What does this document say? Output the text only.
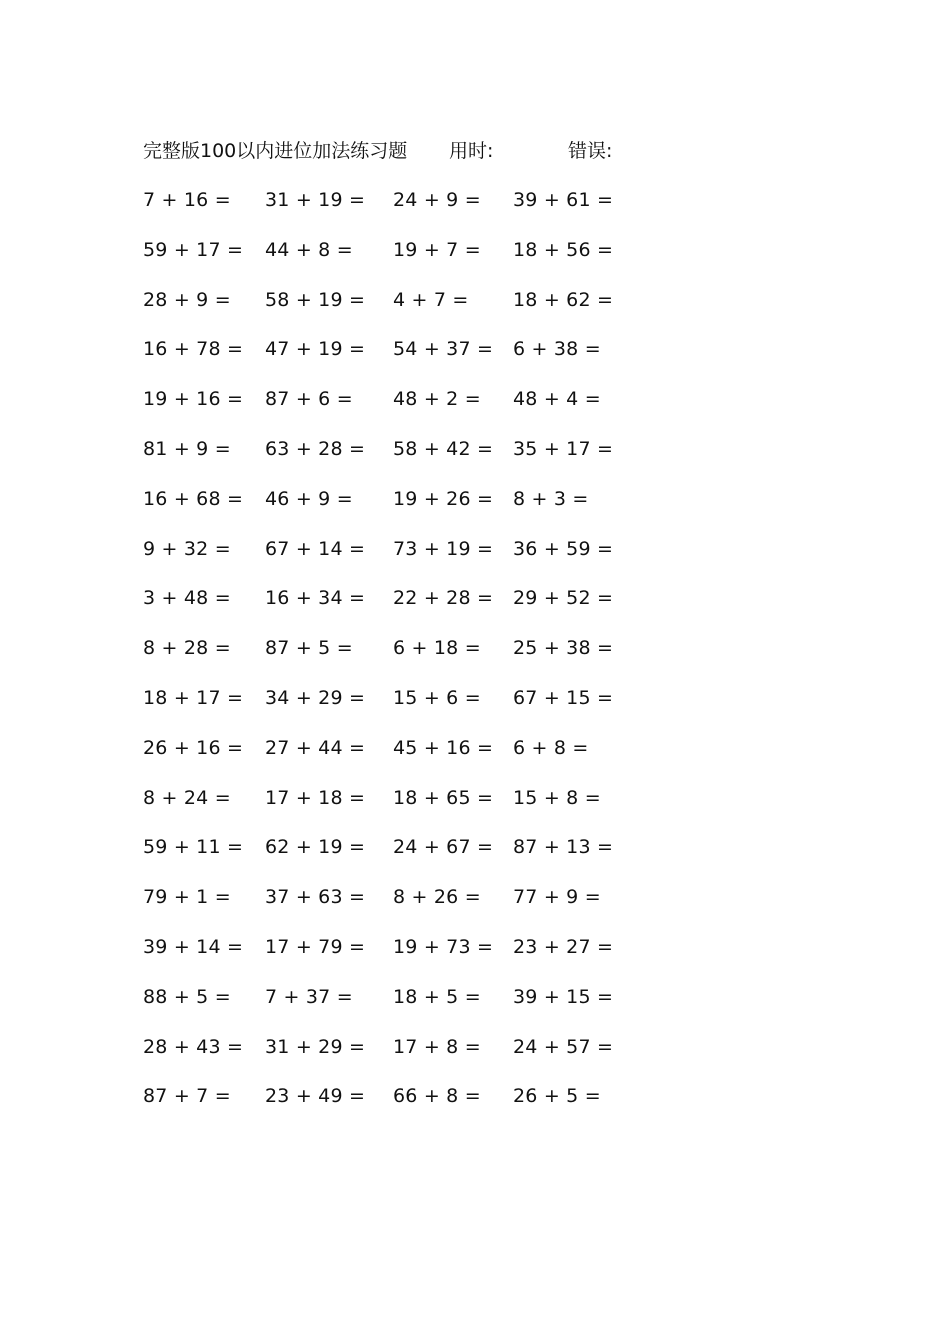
完整版100以内进位加法练习题 用时:	错误:
7 + 16 = 31 + 19 = 24 + 9 = 39 + 61 =
59 + 17 = 44 + 8 = 19 + 7 = 18 + 56 =
28 + 9 = 58 + 19 = 4 + 7 = 18 + 62 =
16 + 78 = 47 + 19 = 54 + 37 = 6 + 38 =
19 + 16 = 87 + 6 = 48 + 2 = 48 + 4 =
81 + 9 = 63 + 28 = 58 + 42 = 35 + 17 =
16 + 68 = 46 + 9 = 19 + 26 = 8 + 3 =
9 + 32 = 67 + 14 = 73 + 19 = 36 + 59 =
3 + 48 = 16 + 34 = 22 + 28 = 29 + 52 =
8 + 28 = 87 + 5 = 6 + 18 = 25 + 38 =
18 + 17 = 34 + 29 = 15 + 6 = 67 + 15 =
26 + 16 = 27 + 44 = 45 + 16 = 6 + 8 =
8 + 24 = 17 + 18 = 18 + 65 = 15 + 8 =
59 + 11 = 62 + 19 = 24 + 67 = 87 + 13 =
79 + 1 = 37 + 63 = 8 + 26 = 77 + 9 =
39 + 14 = 17 + 79 = 19 + 73 = 23 + 27 =
88 + 5 = 7 + 37 = 18 + 5 = 39 + 15 =
28 + 43 = 31 + 29 = 17 + 8 = 24 + 57 =
87 + 7 = 23 + 49 = 66 + 8 = 26 + 5 =
